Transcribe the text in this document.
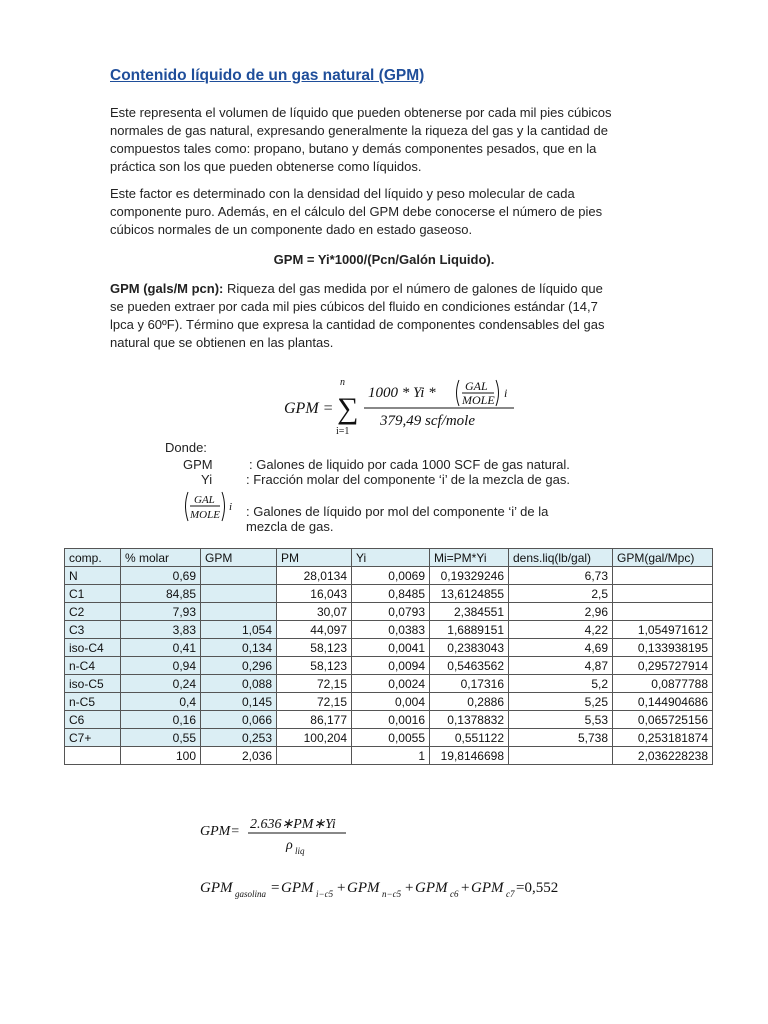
Contenido líquido de un gas natural (GPM)
Este representa el volumen de líquido que pueden obtenerse por cada mil pies cúbicos
normales de gas natural, expresando generalmente la riqueza del gas y la cantidad de
compuestos tales como: propano, butano y demás componentes pesados, que en la
práctica son los que pueden obtenerse como líquidos.
Este factor es determinado con la densidad del líquido y peso molecular de cada
componente puro. Además, en el cálculo del GPM debe conocerse el número de pies
cúbicos normales de un componente dado en estado gaseoso.
GPM = Yi*1000/(Pcn/Galón Liquido).
GPM (gals/M pcn): Riqueza del gas medida por el número de galones de líquido que
se pueden extraer por cada mil pies cúbicos del fluido en condiciones estándar (14,7
lpca y 60ºF). Término que expresa la cantidad de componentes condensables del gas
natural que se obtienen en las plantas.
GPM =
n
∑
i=1
1000 * Yi * GAL
MOLE i
379,49 scf/mole
Donde:
GPM	: Galones de liquido por cada 1000 SCF de gas natural.
Yi	: Fracción molar del componente ‘i’ de la mezcla de gas.
GAL
MOLE
i : Galones de líquido por mol del componente ‘i’ de la
mezcla de gas.
comp.	% molar	GPM	PM	Yi	Mi=PM*Yi	dens.liq(lb/gal)	GPM(gal/Mpc)
N	0,69		28,0134	0,0069	0,19329246	6,73	
C1	84,85		16,043	0,8485	13,6124855	2,5	
C2	7,93		30,07	0,0793	2,384551	2,96	
C3	3,83	1,054	44,097	0,0383	1,6889151	4,22	1,054971612
iso-C4	0,41	0,134	58,123	0,0041	0,2383043	4,69	0,133938195
n-C4	0,94	0,296	58,123	0,0094	0,5463562	4,87	0,295727914
iso-C5	0,24	0,088	72,15	0,0024	0,17316	5,2	0,0877788
n-C5	0,4	0,145	72,15	0,004	0,2886	5,25	0,144904686
C6	0,16	0,066	86,177	0,0016	0,1378832	5,53	0,065725156
C7+	0,55	0,253	100,204	0,0055	0,551122	5,738	0,253181874
	100	2,036		1	19,8146698		2,036228238
GPM= 2.636∗PM∗Yi
ρ liq
GPM gasolina = GPM i−c5 + GPM n−c5 + GPM c6 + GPM c7 =0,552
